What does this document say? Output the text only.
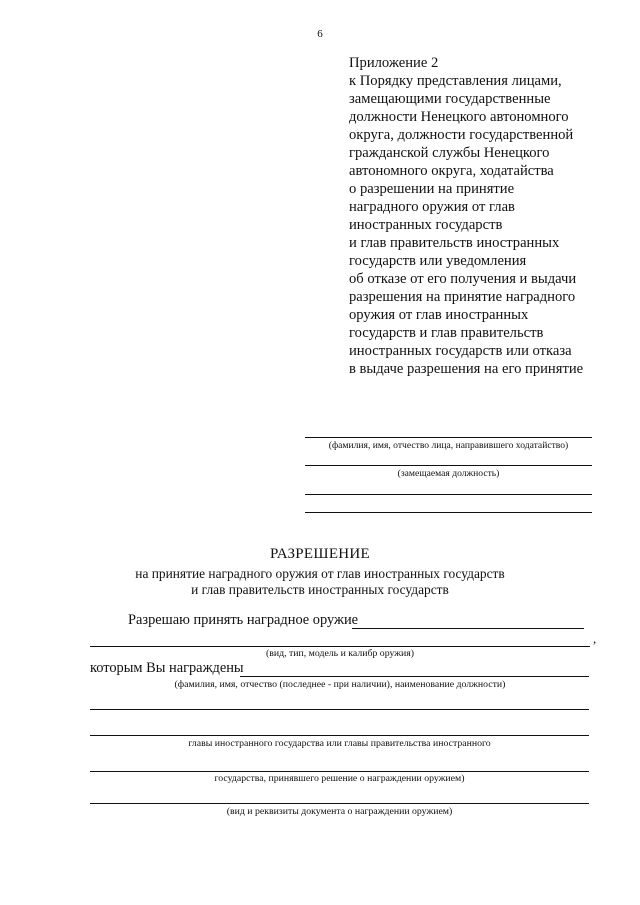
6
Приложение 2
к Порядку представления лицами,
замещающими государственные
должности Ненецкого автономного
округа, должности государственной
гражданской службы Ненецкого
автономного округа, ходатайства
о разрешении на принятие
наградного оружия от глав
иностранных государств
и глав правительств иностранных
государств или уведомления
об отказе от его получения и выдачи
разрешения на принятие наградного
оружия от глав иностранных
государств и глав правительств
иностранных государств или отказа
в выдаче разрешения на его принятие
(фамилия, имя, отчество лица, направившего ходатайство)
(замещаемая должность)
РАЗРЕШЕНИЕ
на принятие наградного оружия от глав иностранных государств
и глав правительств иностранных государств
Разрешаю принять наградное оружие
,
(вид, тип, модель и калибр оружия)
которым Вы награждены
(фамилия, имя, отчество (последнее - при наличии), наименование должности)
главы иностранного государства или главы правительства иностранного
государства, принявшего решение о награждении оружием)
(вид и реквизиты документа о награждении оружием)
